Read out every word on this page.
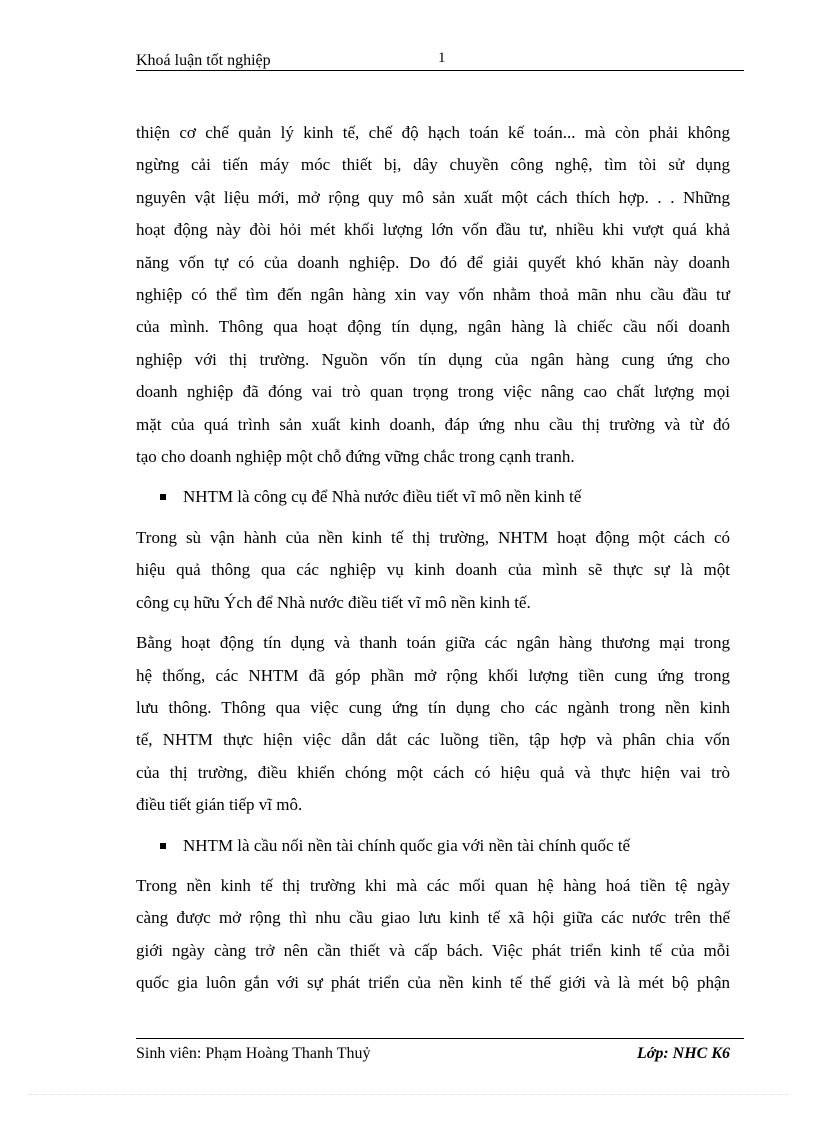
Khoá luận tốt nghiệp	1

thiện cơ chế quản lý kinh tế, chế độ hạch toán kế toán... mà còn phải không

ngừng cải tiến máy móc thiết bị, dây chuyền công nghệ, tìm tòi sử dụng

nguyên vật liệu mới, mở rộng quy mô sản xuất một cách thích hợp. . . Những

hoạt động này đòi hỏi mét khối lượng lớn vốn đầu tư, nhiều khi vượt quá khả

năng vốn tự có của doanh nghiệp. Do đó để giải quyết khó khăn này doanh

nghiệp có thể tìm đến ngân hàng xin vay vốn nhằm thoả mãn nhu cầu đầu tư

của mình. Thông qua hoạt động tín dụng, ngân hàng là chiếc cầu nối doanh

nghiệp với thị trường. Nguồn vốn tín dụng của ngân hàng cung ứng cho

doanh nghiệp đã đóng vai trò quan trọng trong việc nâng cao chất lượng mọi

mặt của quá trình sản xuất kinh doanh, đáp ứng nhu cầu thị trường và từ đó

tạo cho doanh nghiệp một chỗ đứng vững chắc trong cạnh tranh.

NHTM là công cụ để Nhà nước điều tiết vĩ mô nền kinh tế

Trong sù vận hành của nền kinh tế thị trường, NHTM hoạt động một cách có

hiệu quả thông qua các nghiệp vụ kinh doanh của mình sẽ thực sự là một

công cụ hữu Ých để Nhà nước điều tiết vĩ mô nền kinh tế.

Bằng hoạt động tín dụng và thanh toán giữa các ngân hàng thương mại trong

hệ thống, các NHTM đã góp phần mở rộng khối lượng tiền cung ứng trong

lưu thông. Thông qua việc cung ứng tín dụng cho các ngành trong nền kinh

tế, NHTM thực hiện việc dẫn dắt các luồng tiền, tập hợp và phân chia vốn

của thị trường, điều khiển chóng một cách có hiệu quả và thực hiện vai trò

điều tiết gián tiếp vĩ mô.

NHTM là cầu nối nền tài chính quốc gia với nền tài chính quốc tế

Trong nền kinh tế thị trường khi mà các mối quan hệ hàng hoá tiền tệ ngày

càng được mở rộng thì nhu cầu giao lưu kinh tế xã hội giữa các nước trên thế

giới ngày càng trở nên cần thiết và cấp bách. Việc phát triển kinh tế của mỗi

quốc gia luôn gắn với sự phát triển của nền kinh tế thế giới và là mét bộ phận

Sinh viên: Phạm Hoàng Thanh Thuỷ	Lớp: NHC K6
